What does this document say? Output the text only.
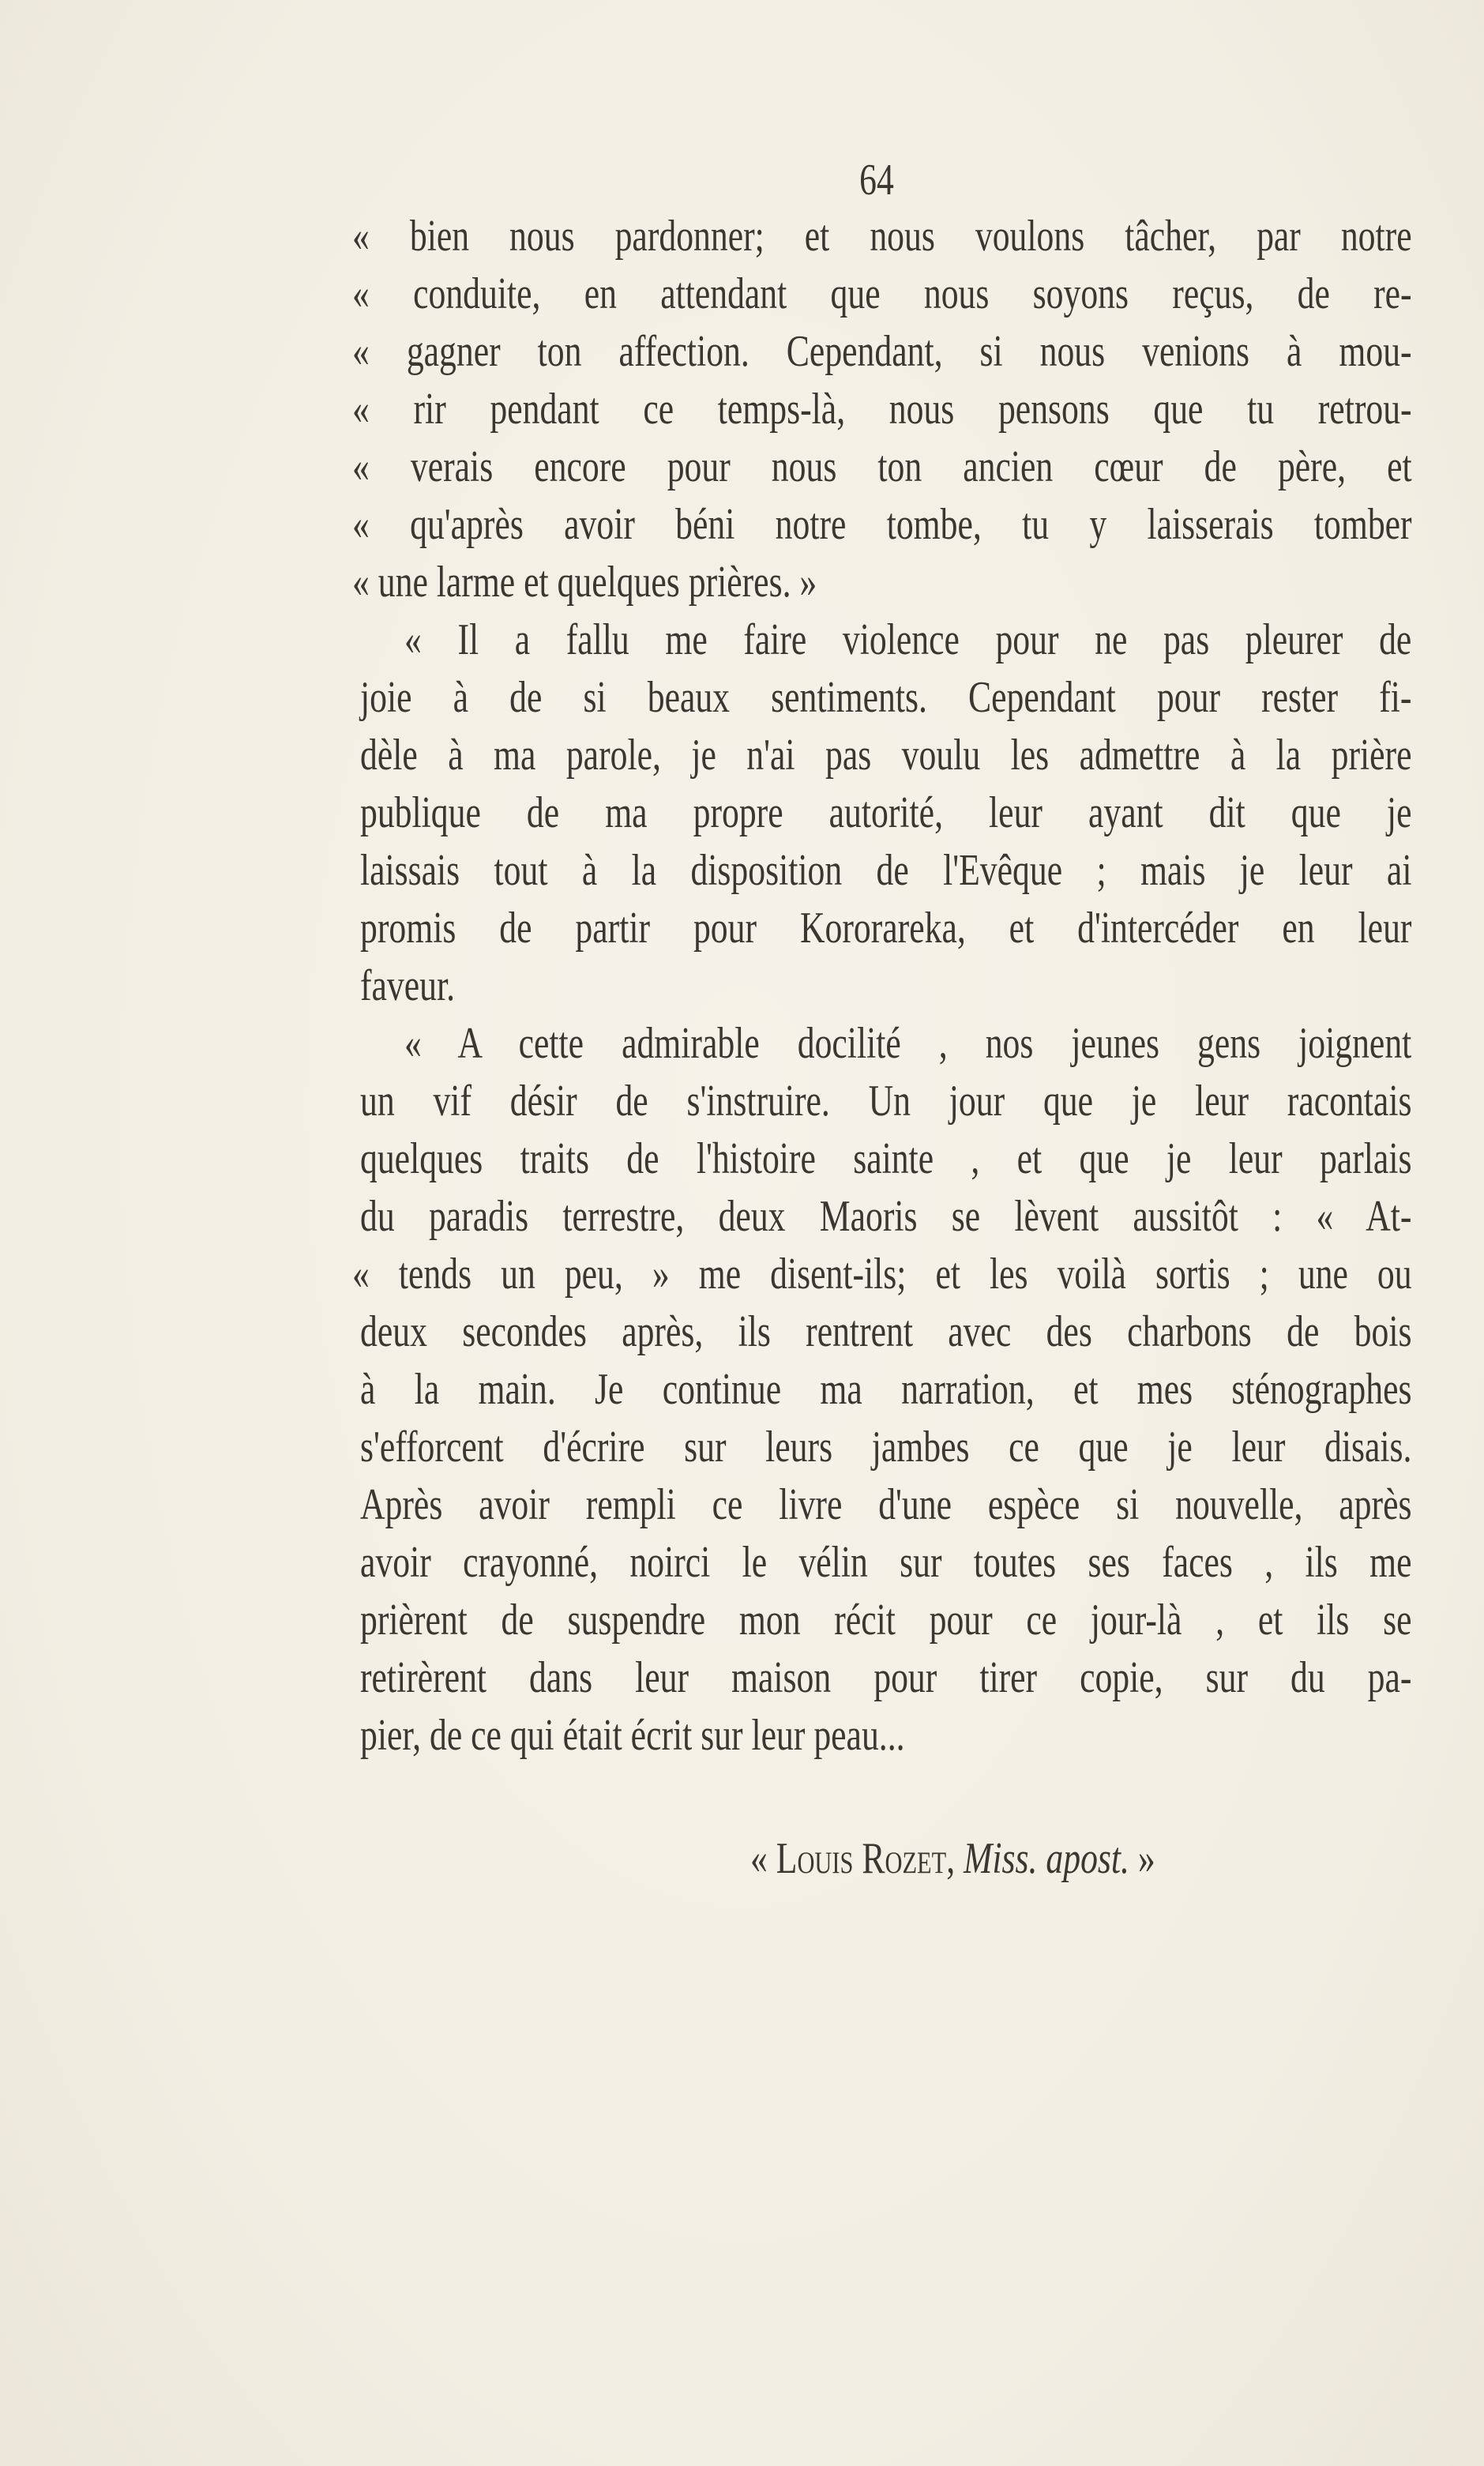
64
« bien nous pardonner; et nous voulons tâcher, par notre
« conduite, en attendant que nous soyons reçus, de re-
« gagner ton affection. Cependant, si nous venions à mou-
« rir pendant ce temps-là, nous pensons que tu retrou-
« verais encore pour nous ton ancien cœur de père, et
« qu'après avoir béni notre tombe, tu y laisserais tomber
« une larme et quelques prières. »
« Il a fallu me faire violence pour ne pas pleurer de
joie à de si beaux sentiments. Cependant pour rester fi-
dèle à ma parole, je n'ai pas voulu les admettre à la prière
publique de ma propre autorité, leur ayant dit que je
laissais tout à la disposition de l'Evêque ; mais je leur ai
promis de partir pour Kororareka, et d'intercéder en leur
faveur.
« A cette admirable docilité , nos jeunes gens joignent
un vif désir de s'instruire. Un jour que je leur racontais
quelques traits de l'histoire sainte , et que je leur parlais
du paradis terrestre, deux Maoris se lèvent aussitôt : « At-
« tends un peu, » me disent-ils; et les voilà sortis ; une ou
deux secondes après, ils rentrent avec des charbons de bois
à la main. Je continue ma narration, et mes sténographes
s'efforcent d'écrire sur leurs jambes ce que je leur disais.
Après avoir rempli ce livre d'une espèce si nouvelle, après
avoir crayonné, noirci le vélin sur toutes ses faces , ils me
prièrent de suspendre mon récit pour ce jour-là , et ils se
retirèrent dans leur maison pour tirer copie, sur du pa-
pier, de ce qui était écrit sur leur peau...
« Louis Rozet, Miss. apost. »
